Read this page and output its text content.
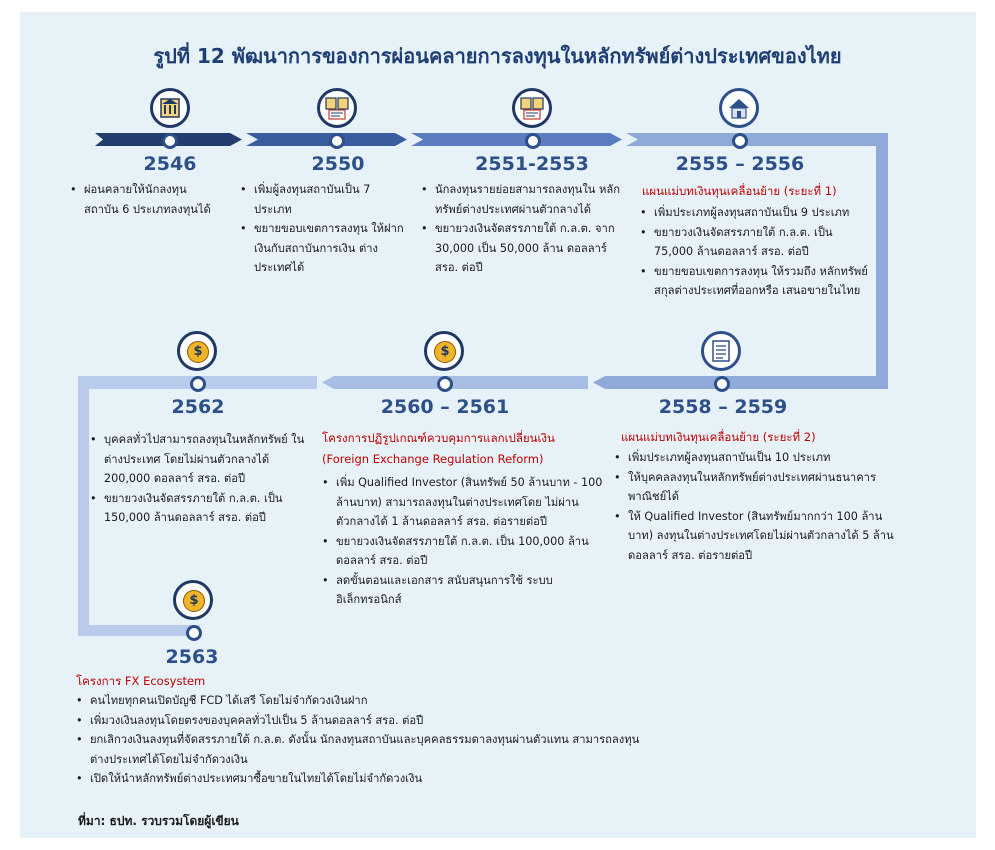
รูปที่ 12 พัฒนาการของการผ่อนคลายการลงทุนในหลักทรัพย์ต่างประเทศของไทย
$
$
$
2546
• ผ่อนคลายให้นักลงทุน สถาบัน 6 ประเภทลงทุนได้
2550
• เพิ่มผู้ลงทุนสถาบันเป็น 7 ประเภท
• ขยายขอบเขตการลงทุน ให้ฝากเงินกับสถาบันการเงิน ต่างประเทศได้
2551-2553
• นักลงทุนรายย่อยสามารถลงทุนใน หลักทรัพย์ต่างประเทศผ่านตัวกลางได้
• ขยายวงเงินจัดสรรภายใต้ ก.ล.ต. จาก 30,000 เป็น 50,000 ล้าน ดอลลาร์ สรอ. ต่อปี
2555 – 2556
แผนแม่บทเงินทุนเคลื่อนย้าย (ระยะที่ 1)
• เพิ่มประเภทผู้ลงทุนสถาบันเป็น 9 ประเภท
• ขยายวงเงินจัดสรรภายใต้ ก.ล.ต. เป็น 75,000 ล้านดอลลาร์ สรอ. ต่อปี
• ขยายขอบเขตการลงทุน ให้รวมถึง หลักทรัพย์สกุลต่างประเทศที่ออกหรือ เสนอขายในไทย
2558 – 2559
แผนแม่บทเงินทุนเคลื่อนย้าย (ระยะที่ 2)
• เพิ่มประเภทผู้ลงทุนสถาบันเป็น 10 ประเภท
• ให้บุคคลลงทุนในหลักทรัพย์ต่างประเทศผ่านธนาคาร พาณิชย์ได้
• ให้ Qualified Investor (สินทรัพย์มากกว่า 100 ล้านบาท) ลงทุนในต่างประเทศโดยไม่ผ่านตัวกลางได้ 5 ล้านดอลลาร์ สรอ. ต่อรายต่อปี
2560 – 2561
โครงการปฏิรูปเกณฑ์ควบคุมการแลกเปลี่ยนเงิน
(Foreign Exchange Regulation Reform)
• เพิ่ม Qualified Investor (สินทรัพย์ 50 ล้านบาท - 100 ล้านบาท) สามารถลงทุนในต่างประเทศโดย ไม่ผ่านตัวกลางได้ 1 ล้านดอลลาร์ สรอ. ต่อรายต่อปี
• ขยายวงเงินจัดสรรภายใต้ ก.ล.ต. เป็น 100,000 ล้านดอลลาร์ สรอ. ต่อปี
• ลดขั้นตอนและเอกสาร สนับสนุนการใช้ ระบบอิเล็กทรอนิกส์
2562
• บุคคลทั่วไปสามารถลงทุนในหลักทรัพย์ ในต่างประเทศ โดยไม่ผ่านตัวกลางได้ 200,000 ดอลลาร์ สรอ. ต่อปี
• ขยายวงเงินจัดสรรภายใต้ ก.ล.ต. เป็น 150,000 ล้านดอลลาร์ สรอ. ต่อปี
2563
โครงการ FX Ecosystem
• คนไทยทุกคนเปิดบัญชี FCD ได้เสรี โดยไม่จำกัดวงเงินฝาก
• เพิ่มวงเงินลงทุนโดยตรงของบุคคลทั่วไปเป็น 5 ล้านดอลลาร์ สรอ. ต่อปี
• ยกเลิกวงเงินลงทุนที่จัดสรรภายใต้ ก.ล.ต. ดังนั้น นักลงทุนสถาบันและบุคคลธรรมดาลงทุนผ่านตัวแทน สามารถลงทุนต่างประเทศได้โดยไม่จำกัดวงเงิน
• เปิดให้นำหลักทรัพย์ต่างประเทศมาซื้อขายในไทยได้โดยไม่จำกัดวงเงิน
ที่มา: ธปท. รวบรวมโดยผู้เขียน
